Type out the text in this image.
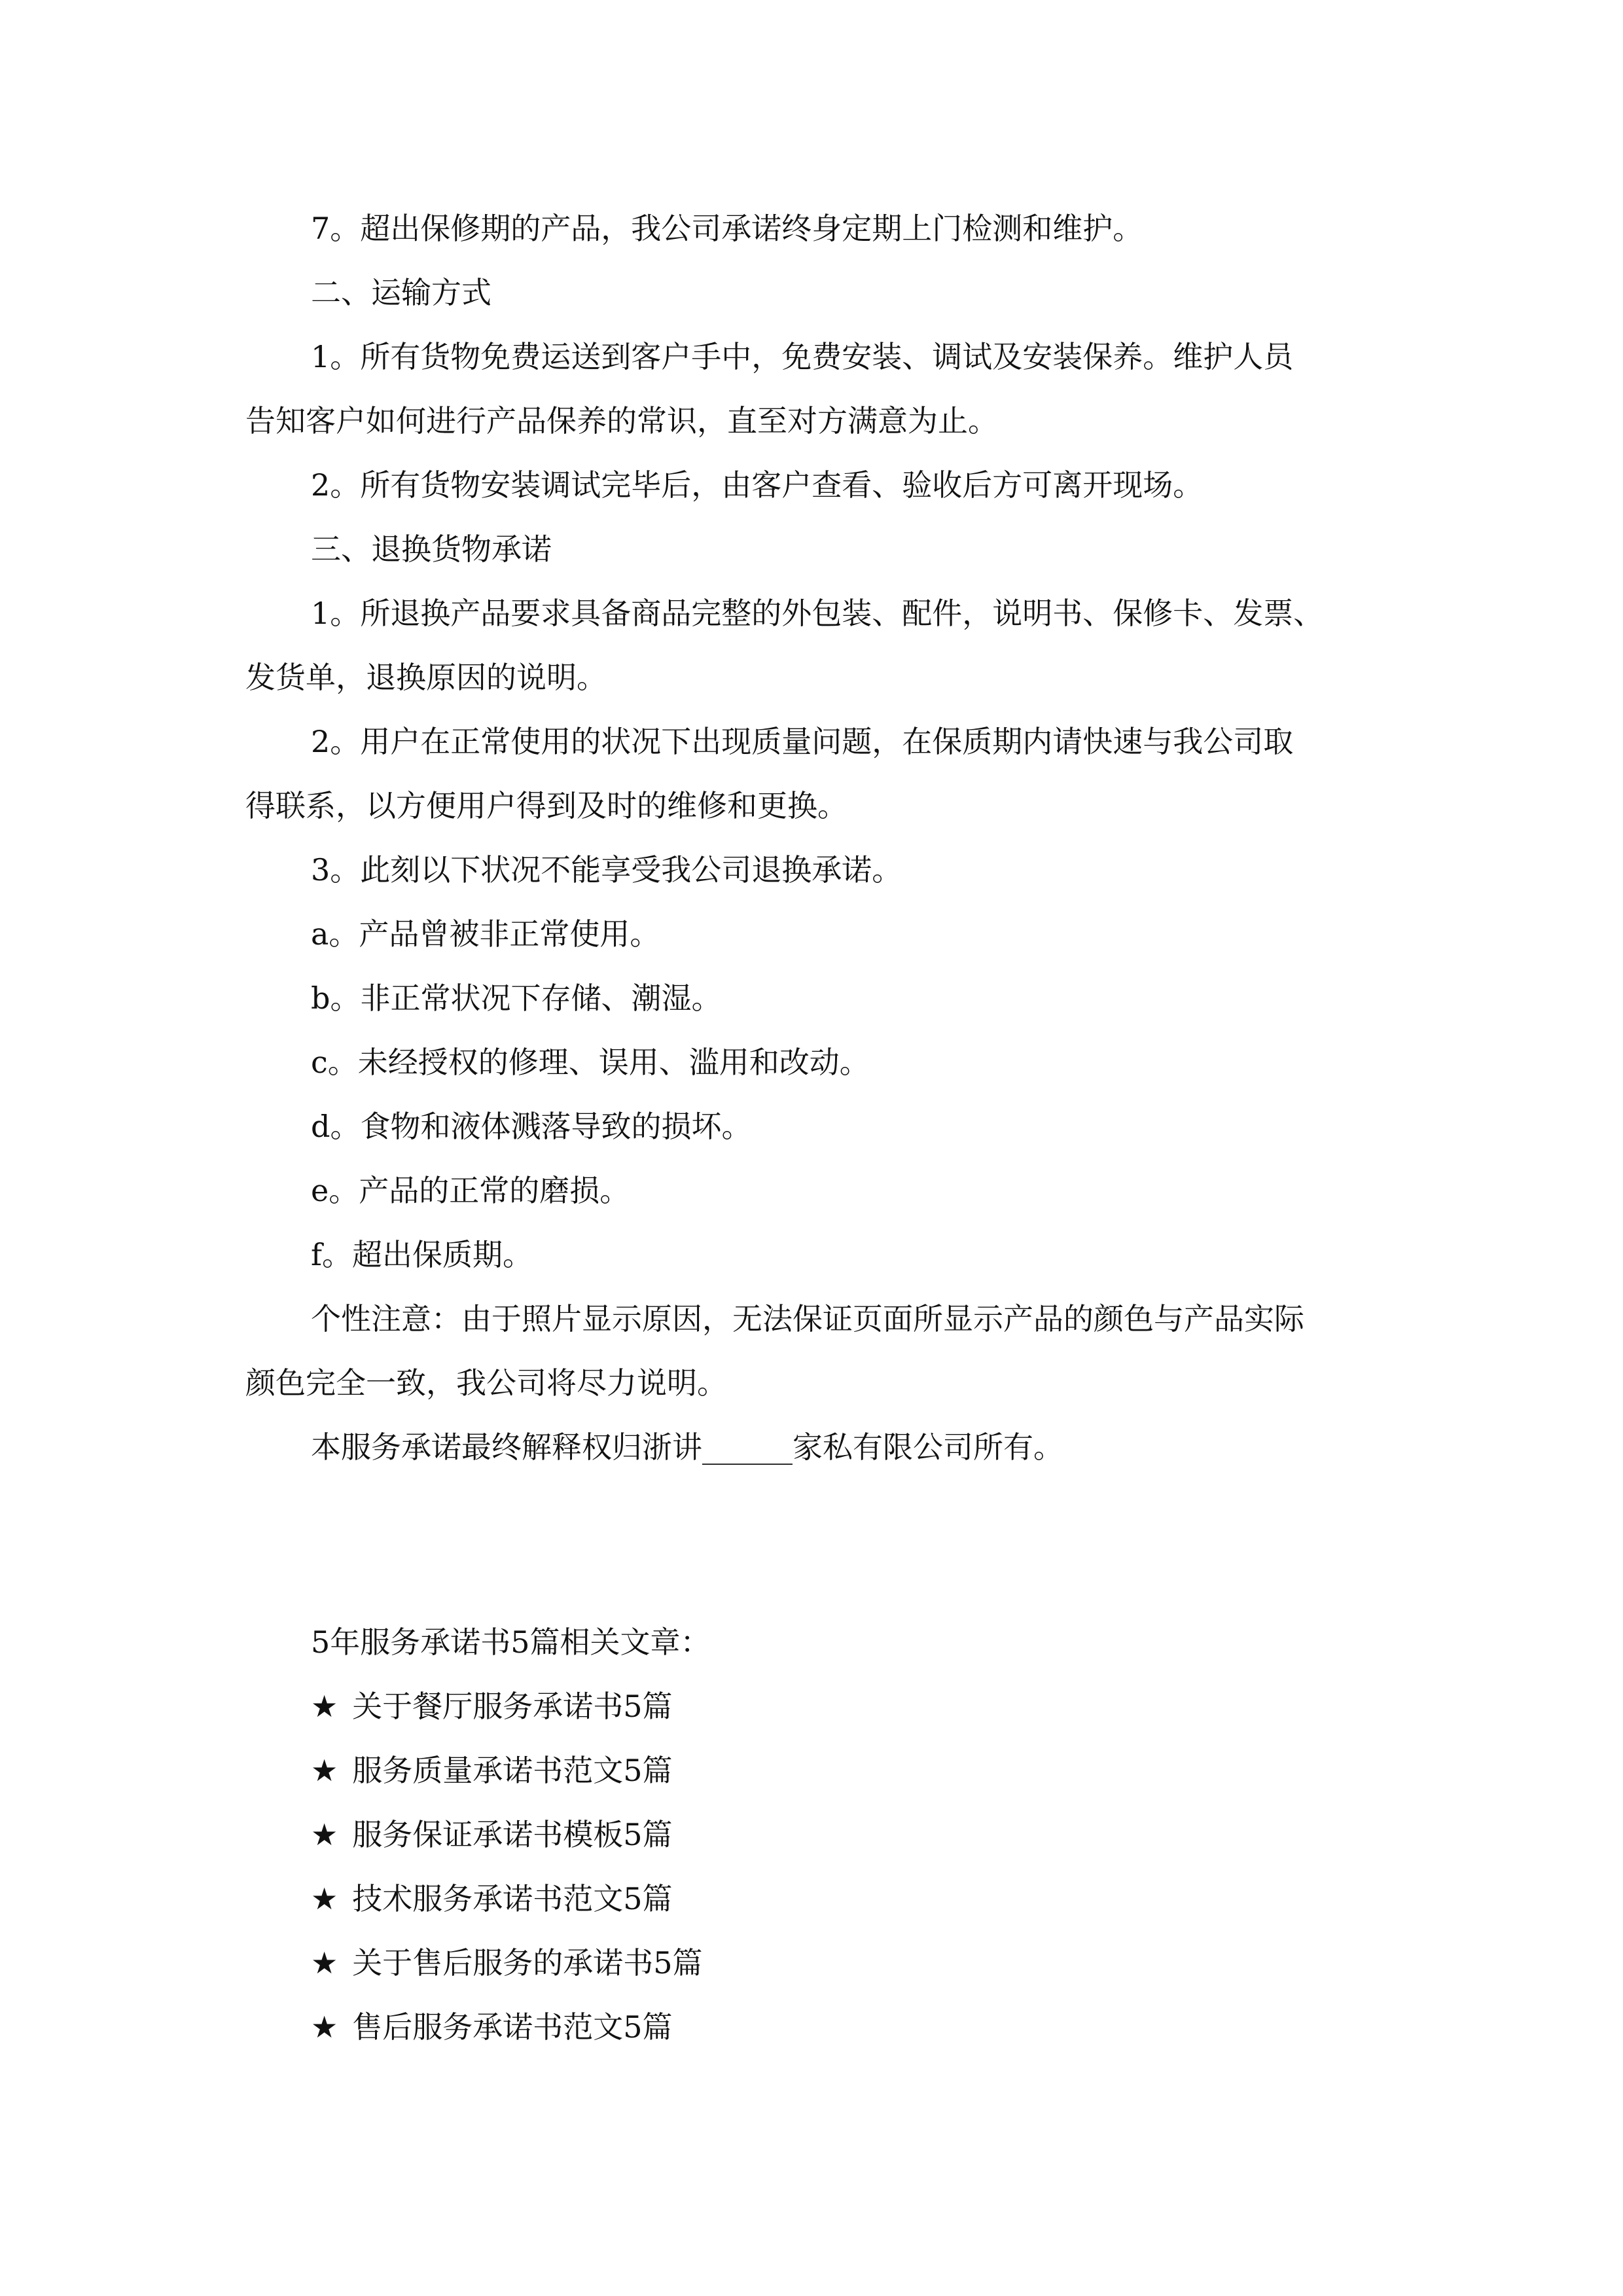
7。超出保修期的产品，我公司承诺终身定期上门检测和维护。
二、运输方式
1。所有货物免费运送到客户手中，免费安装、调试及安装保养。维护人员
告知客户如何进行产品保养的常识，直至对方满意为止。
2。所有货物安装调试完毕后，由客户查看、验收后方可离开现场。
三、退换货物承诺
1。所退换产品要求具备商品完整的外包装、配件，说明书、保修卡、发票、
发货单，退换原因的说明。
2。用户在正常使用的状况下出现质量问题，在保质期内请快速与我公司取
得联系，以方便用户得到及时的维修和更换。
3。此刻以下状况不能享受我公司退换承诺。
a。产品曾被非正常使用。
b。非正常状况下存储、潮湿。
c。未经授权的修理、误用、滥用和改动。
d。食物和液体溅落导致的损坏。
e。产品的正常的磨损。
f。超出保质期。
个性注意：由于照片显示原因，无法保证页面所显示产品的颜色与产品实际
颜色完全一致，我公司将尽力说明。
本服务承诺最终解释权归浙讲______家私有限公司所有。
5年服务承诺书5篇相关文章：
★ 关于餐厅服务承诺书5篇
★ 服务质量承诺书范文5篇
★ 服务保证承诺书模板5篇
★ 技术服务承诺书范文5篇
★ 关于售后服务的承诺书5篇
★ 售后服务承诺书范文5篇
